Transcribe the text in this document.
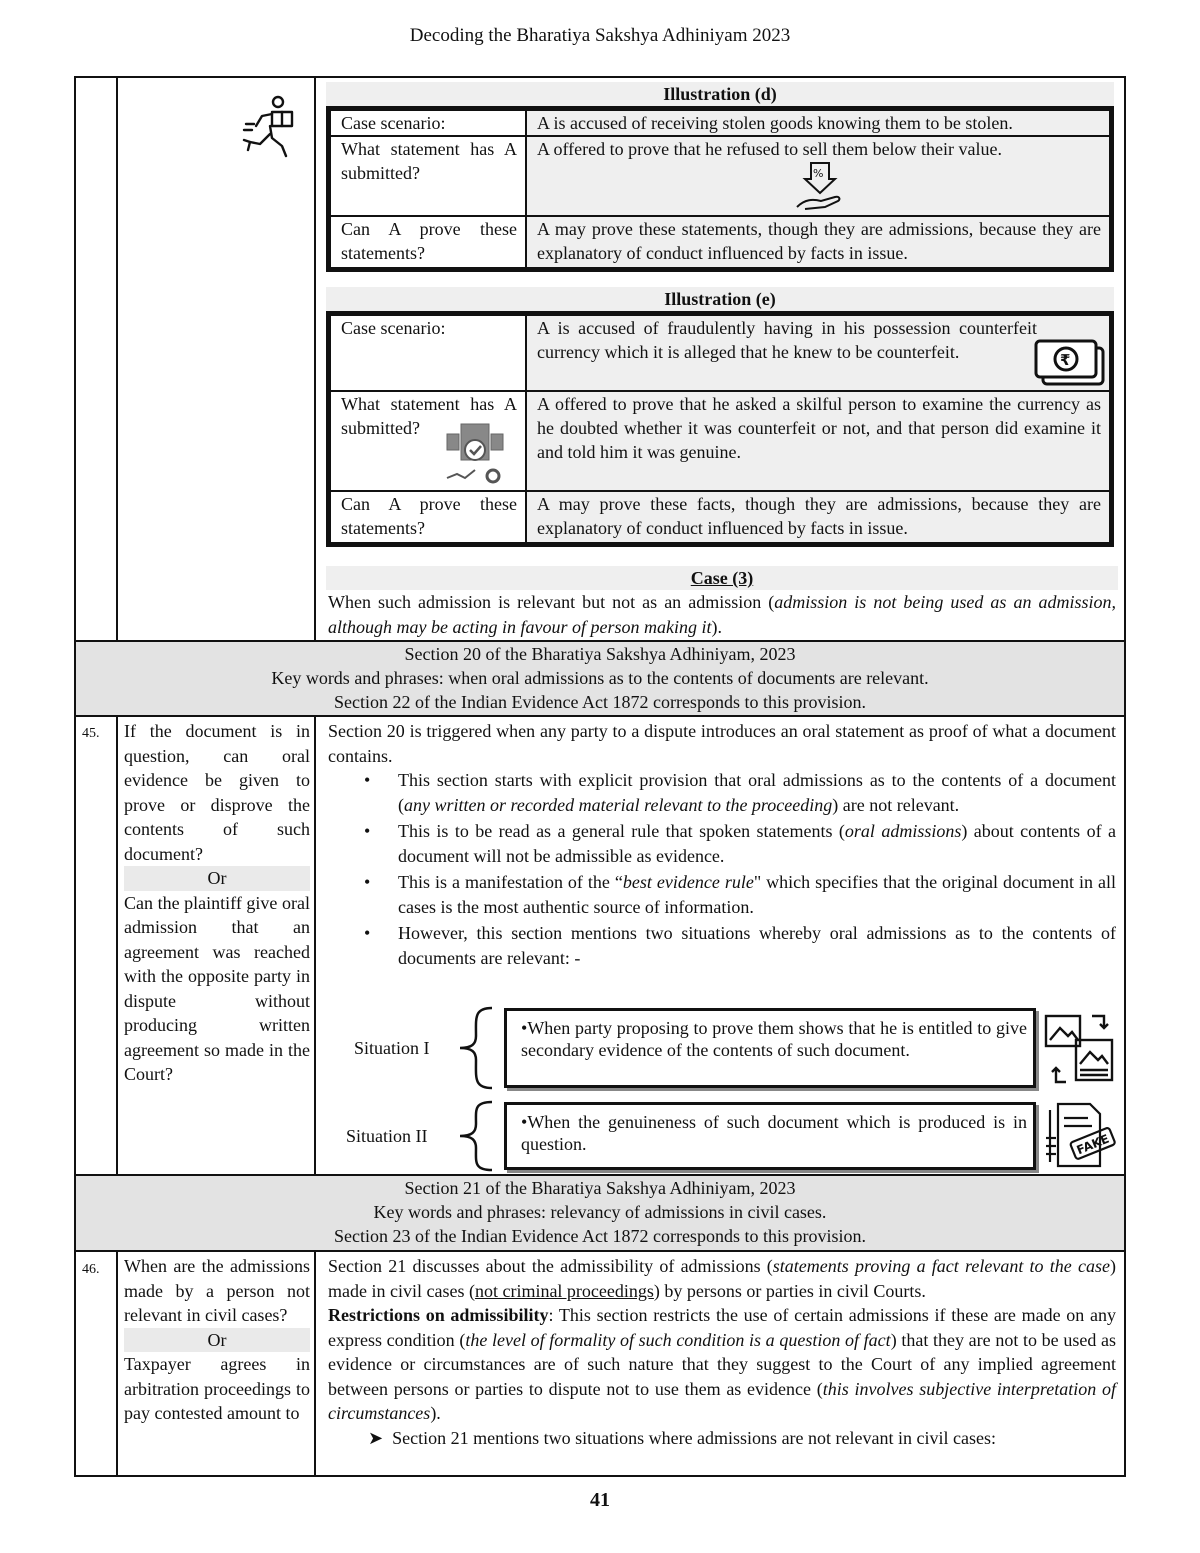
Decoding the Bharatiya Sakshya Adhiniyam 2023
Illustration (d)
Case scenario:	A is accused of receiving stolen goods knowing them to be stolen.
What statement has A submitted?	A offered to prove that he refused to sell them below their value.
%

Can A prove these statements?	A may prove these statements, though they are admissions, because they are explanatory of conduct influenced by facts in issue.
Illustration (e)
Case scenario:	A is accused of fraudulently having in his possession counterfeit currency which it is alleged that he knew to be counterfeit. ₹

What statement has A submitted?	A offered to prove that he asked a skilful person to examine the currency as he doubted whether it was counterfeit or not, and that person did examine it and told him it was genuine.
Can A prove these statements?	A may prove these facts, though they are admissions, because they are explanatory of conduct influenced by facts in issue.
Case (3)
When such admission is relevant but not as an admission (admission is not being used as an admission, although may be acting in favour of person making it).
Section 20 of the Bharatiya Sakshya Adhiniyam, 2023
Key words and phrases: when oral admissions as to the contents of documents are relevant.
Section 22 of the Indian Evidence Act 1872 corresponds to this provision.
45.	If the document is in question, can oral evidence be given to prove or disprove the contents of such document?
Or
Can the plaintiff give oral admission that an agreement was reached with the opposite party in dispute without producing written agreement so made in the Court?
Section 20 is triggered when any party to a dispute introduces an oral statement as proof of what a document contains.
• This section starts with explicit provision that oral admissions as to the contents of a document (any written or recorded material relevant to the proceeding) are not relevant.
• This is to be read as a general rule that spoken statements (oral admissions) about contents of a document will not be admissible as evidence.
• This is a manifestation of the “best evidence rule" which specifies that the original document in all cases is the most authentic source of information.
• However, this section mentions two situations whereby oral admissions as to the contents of documents are relevant: -
Situation I
•When party proposing to prove them shows that he is entitled to give secondary evidence of the contents of such document.
Situation II
•When the genuineness of such document which is produced is in question.	FAKE
Section 21 of the Bharatiya Sakshya Adhiniyam, 2023
Key words and phrases: relevancy of admissions in civil cases.
Section 23 of the Indian Evidence Act 1872 corresponds to this provision.
46.	When are the admissions made by a person not relevant in civil cases?
Or
Taxpayer agrees in arbitration proceedings to pay contested amount to
Section 21 discusses about the admissibility of admissions (statements proving a fact relevant to the case) made in civil cases (not criminal proceedings) by persons or parties in civil Courts.
Restrictions on admissibility: This section restricts the use of certain admissions if these are made on any express condition (the level of formality of such condition is a question of fact) that they are not to be used as evidence or circumstances are of such nature that they suggest to the Court of any implied agreement between persons or parties to dispute not to use them as evidence (this involves subjective interpretation of circumstances).
➤  Section 21 mentions two situations where admissions are not relevant in civil cases:
41
